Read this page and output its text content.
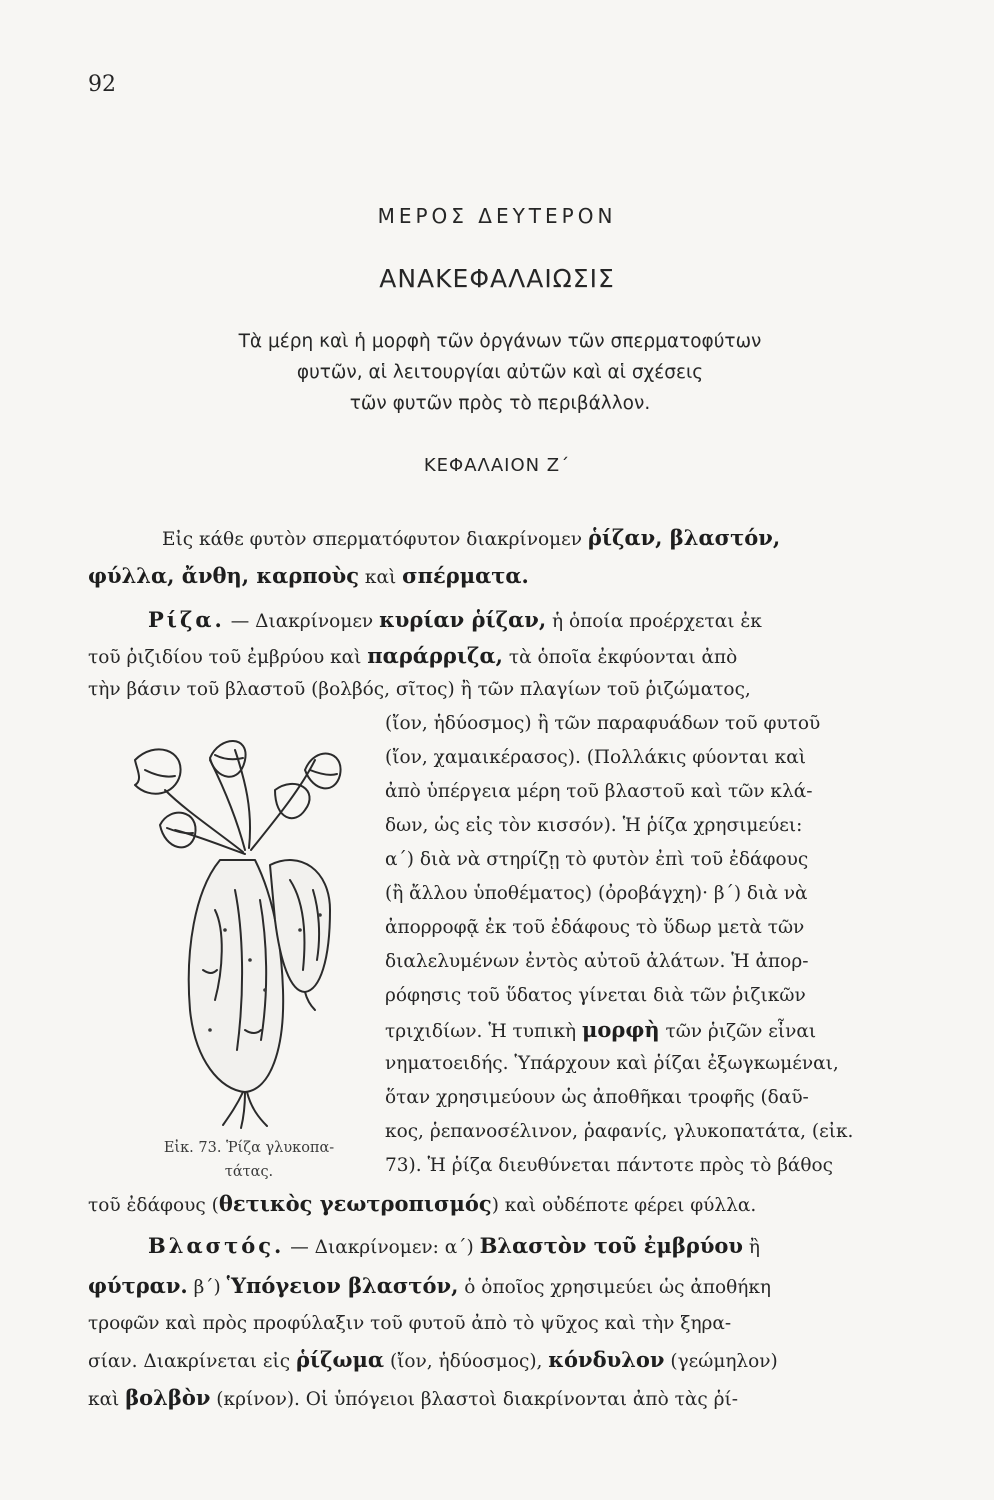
92
ΜΕΡΟΣ ΔΕΥΤΕΡΟΝ
ΑΝΑΚΕΦΑΛΑΙΩΣΙΣ
Τὰ μέρη καὶ ἡ μορφὴ τῶν ὀργάνων τῶν σπερματοφύτων
φυτῶν, αἱ λειτουργίαι αὐτῶν καὶ αἱ σχέσεις
τῶν φυτῶν πρὸς τὸ περιβάλλον.
ΚΕΦΑΛΑΙΟΝ Ζ΄
Εἰς κάθε φυτὸν σπερματόφυτον διακρίνομεν ῥίζαν, βλαστόν,
φύλλα, ἄνθη, καρποὺς καὶ σπέρματα.
Ρίζα. — Διακρίνομεν κυρίαν ῥίζαν, ἡ ὁποία προέρχεται ἐκ
τοῦ ῥιζιδίου τοῦ ἐμβρύου καὶ παράρριζα, τὰ ὁποῖα ἐκφύονται ἀπὸ
τὴν βάσιν τοῦ βλαστοῦ (βολβός, σῖτος) ἢ τῶν πλαγίων τοῦ ῥιζώματος,
(ἴον, ἡδύοσμος) ἢ τῶν παραφυάδων τοῦ φυτοῦ
(ἴον, χαμαικέρασος). (Πολλάκις φύονται καὶ
ἀπὸ ὑπέργεια μέρη τοῦ βλαστοῦ καὶ τῶν κλά-
δων, ὡς εἰς τὸν κισσόν). Ἡ ῥίζα χρησιμεύει:
α΄) διὰ νὰ στηρίζῃ τὸ φυτὸν ἐπὶ τοῦ ἐδάφους
(ἢ ἄλλου ὑποθέματος) (ὀροβάγχη)· β΄) διὰ νὰ
ἀπορροφᾷ ἐκ τοῦ ἐδάφους τὸ ὕδωρ μετὰ τῶν
διαλελυμένων ἐντὸς αὐτοῦ ἀλάτων. Ἡ ἀπορ-
ρόφησις τοῦ ὕδατος γίνεται διὰ τῶν ῥιζικῶν
τριχιδίων. Ἡ τυπικὴ μορφὴ τῶν ῥιζῶν εἶναι
νηματοειδής. Ὑπάρχουν καὶ ῥίζαι ἐξωγκωμέναι,
ὅταν χρησιμεύουν ὡς ἀποθῆκαι τροφῆς (δαῦ-
κος, ῥεπανοσέλινον, ῥαφανίς, γλυκοπατάτα, (εἰκ.
73). Ἡ ῥίζα διευθύνεται πάντοτε πρὸς τὸ βάθος
τοῦ ἐδάφους (θετικὸς γεωτροπισμός) καὶ οὐδέποτε φέρει φύλλα.
Εἰκ. 73. Ῥίζα γλυκοπα-
τάτας.
Βλαστός. — Διακρίνομεν: α΄) Βλαστὸν τοῦ ἐμβρύου ἢ
φύτραν. β΄) Ὑπόγειον βλαστόν, ὁ ὁποῖος χρησιμεύει ὡς ἀποθήκη
τροφῶν καὶ πρὸς προφύλαξιν τοῦ φυτοῦ ἀπὸ τὸ ψῦχος καὶ τὴν ξηρα-
σίαν. Διακρίνεται εἰς ῥίζωμα (ἴον, ἡδύοσμος), κόνδυλον (γεώμηλον)
καὶ βολβὸν (κρίνον). Οἱ ὑπόγειοι βλαστοὶ διακρίνονται ἀπὸ τὰς ῥί-
